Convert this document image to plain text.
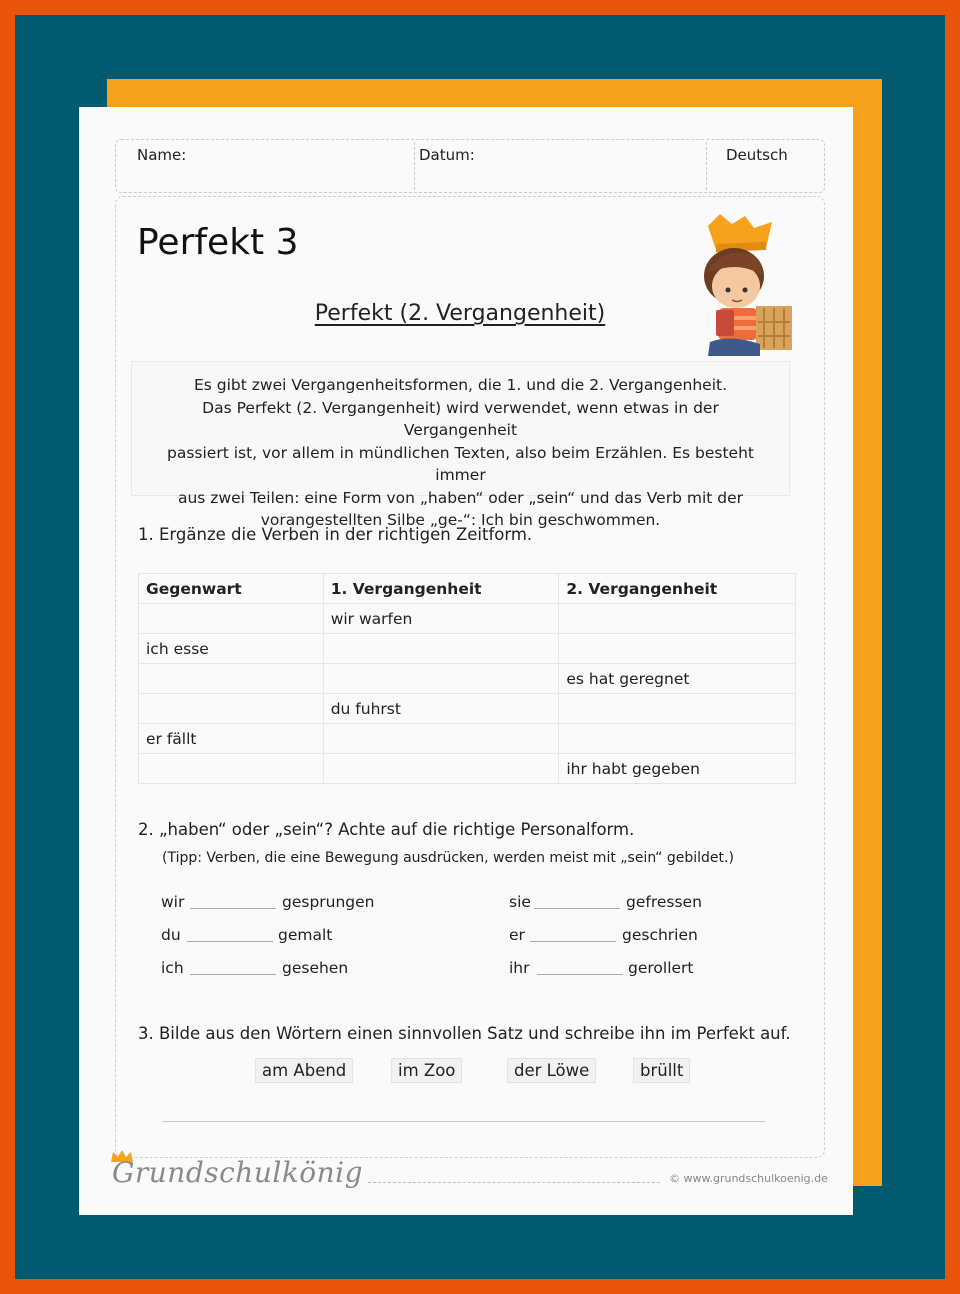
Name:	Datum:	Deutsch
Perfekt 3
Perfekt (2. Vergangenheit)
Es gibt zwei Vergangenheitsformen, die 1. und die 2. Vergangenheit.
Das Perfekt (2. Vergangenheit) wird verwendet, wenn etwas in der Vergangenheit
passiert ist, vor allem in mündlichen Texten, also beim Erzählen. Es besteht immer
aus zwei Teilen: eine Form von „haben“ oder „sein“ und das Verb mit der
vorangestellten Silbe „ge-“: Ich bin geschwommen.
1. Ergänze die Verben in der richtigen Zeitform.
Gegenwart	1. Vergangenheit	2. Vergangenheit
	wir warfen	
ich esse		
		es hat geregnet
	du fuhrst	
er fällt		
		ihr habt gegeben
2. „haben“ oder „sein“? Achte auf die richtige Personalform.
(Tipp: Verben, die eine Bewegung ausdrücken, werden meist mit „sein“ gebildet.)
wir	gesprungen
du	gemalt
ich	gesehen
sie	gefressen
er	geschrien
ihr	gerollert
3. Bilde aus den Wörtern einen sinnvollen Satz und schreibe ihn im Perfekt auf.
am Abend	im Zoo	der Löwe	brüllt
Grundschulkönig	© www.grundschulkoenig.de
